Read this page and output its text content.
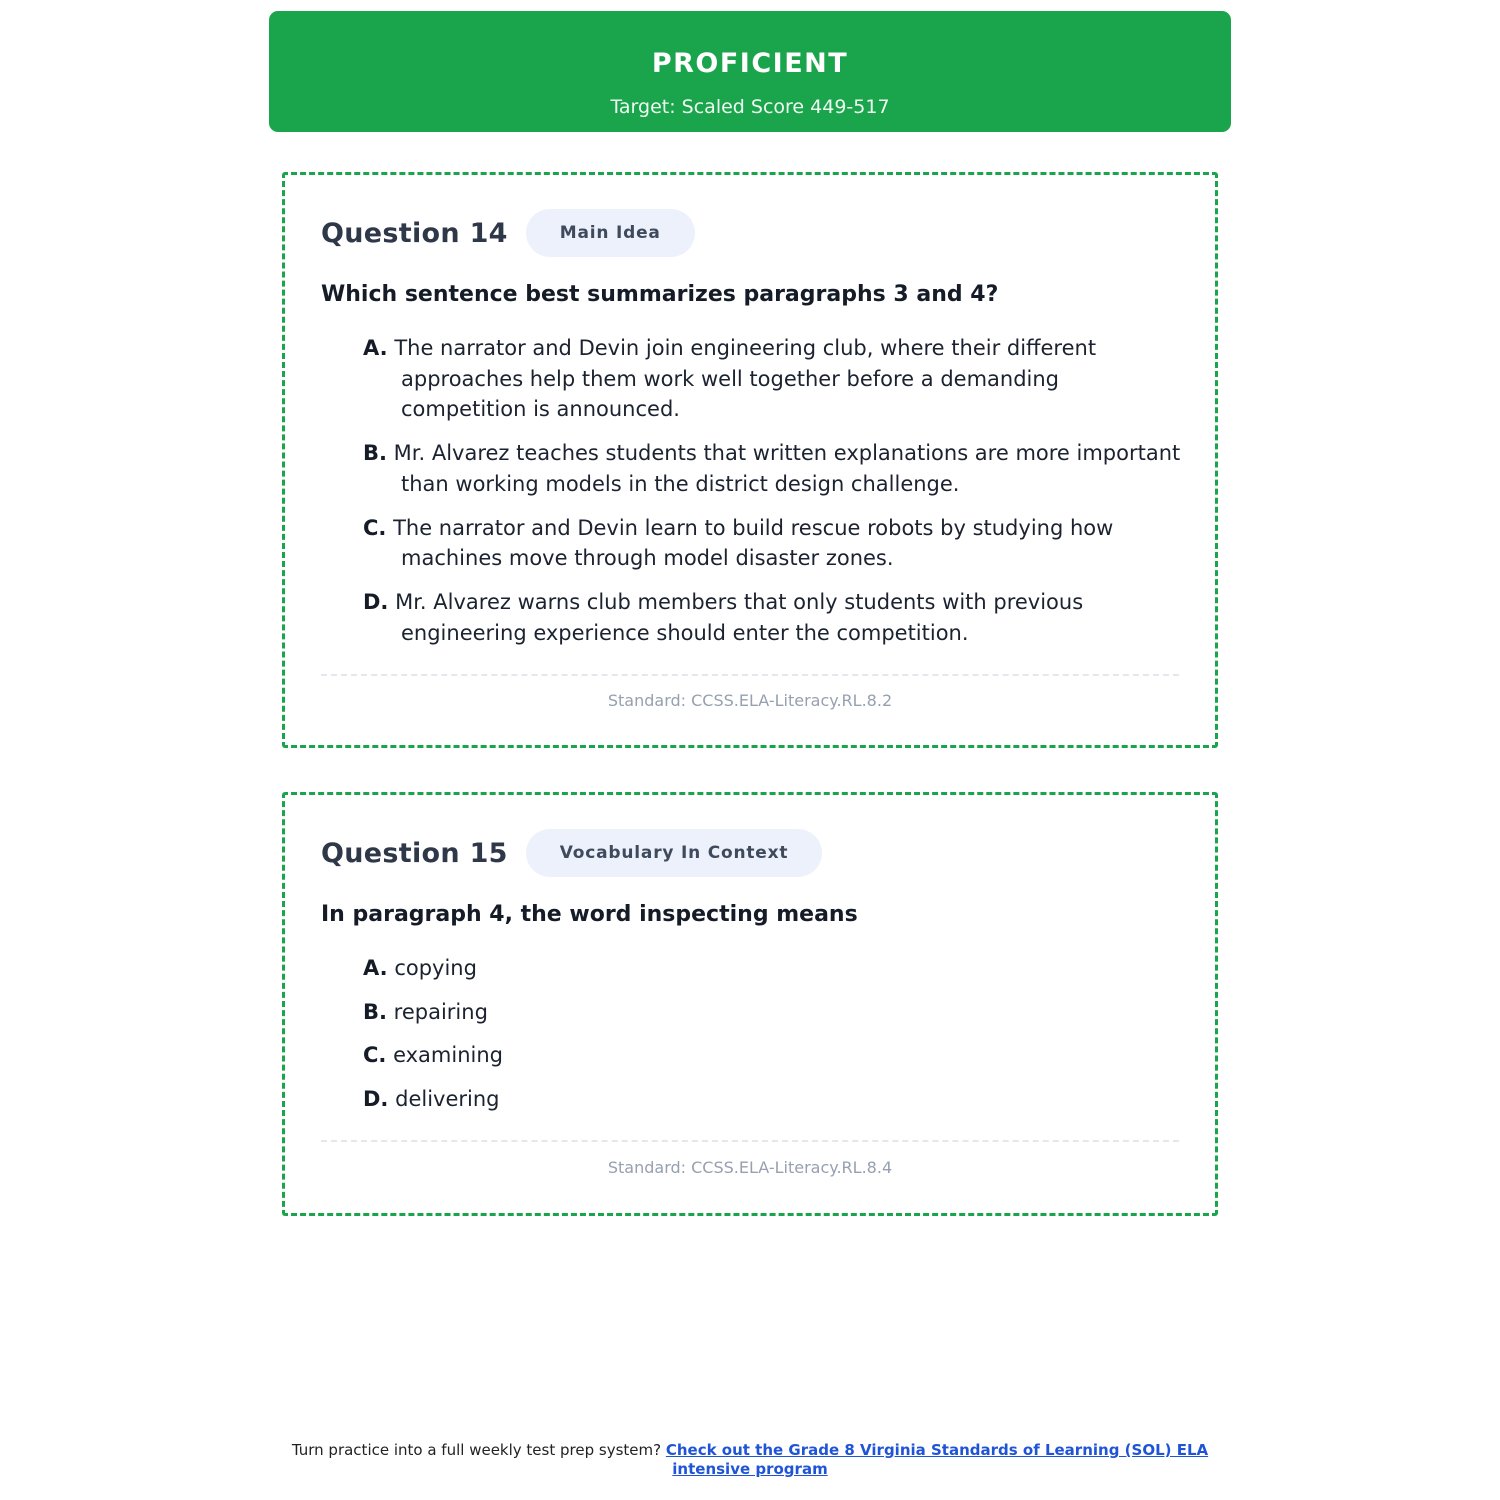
PROFICIENT
Target: Scaled Score 449-517
Question 14	Main Idea
Which sentence best summarizes paragraphs 3 and 4?
A. The narrator and Devin join engineering club, where their different approaches help them work well together before a demanding competition is announced.
B. Mr. Alvarez teaches students that written explanations are more important than working models in the district design challenge.
C. The narrator and Devin learn to build rescue robots by studying how machines move through model disaster zones.
D. Mr. Alvarez warns club members that only students with previous engineering experience should enter the competition.
Standard: CCSS.ELA-Literacy.RL.8.2
Question 15	Vocabulary In Context
In paragraph 4, the word inspecting means
A. copying
B. repairing
C. examining
D. delivering
Standard: CCSS.ELA-Literacy.RL.8.4
Turn practice into a full weekly test prep system? Check out the Grade 8 Virginia Standards of Learning (SOL) ELA intensive program
